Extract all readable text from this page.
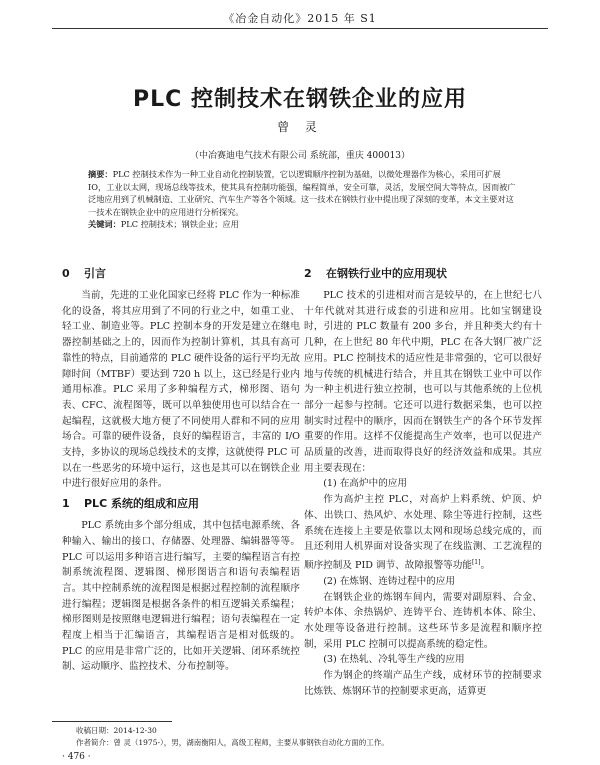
《冶金自动化》2015 年 S1
PLC 控制技术在钢铁企业的应用
曾 灵
（中冶赛迪电气技术有限公司 系统部，重庆 400013）
摘要：PLC 控制技术作为一种工业自动化控制装置，它以逻辑顺序控制为基础，以微处理器作为核心，采用可扩展 IO，工业以太网，现场总线等技术，使其具有控制功能强，编程简单，安全可靠，灵活，发展空间大等特点，因而被广泛地应用到了机械制造、工业研究、汽车生产等各个领域。这一技术在钢铁行业中提出现了深刻的变革，本文主要对这一技术在钢铁企业中的应用进行分析探究。
关键词：PLC 控制技术；钢铁企业；应用
0 引言

当前，先进的工业化国家已经将 PLC 作为一种标准化的设备，将其应用到了不同的行业之中，如重工业、轻工业、制造业等。PLC 控制本身的开发是建立在继电器控制基础之上的，因而作为控制计算机，其具有高可靠性的特点，目前通常的 PLC 硬件设备的运行平均无故障时间（MTBF）要达到 720 h 以上，这已经是行业内通用标准。PLC 采用了多种编程方式，梯形图、语句表、CFC、流程图等，既可以单独使用也可以结合在一起编程，这就极大地方便了不同使用人群和不同的应用场合。可靠的硬件设备，良好的编程语言，丰富的 I/O 支持，多协议的现场总线技术的支撑，这就使得 PLC 可以在一些恶劣的环境中运行，这也是其可以在钢铁企业中进行很好应用的条件。

1 PLC 系统的组成和应用

PLC 系统由多个部分组成，其中包括电源系统、各种输入、输出的接口、存储器、处理器、编辑器等等。PLC 可以运用多种语言进行编写，主要的编程语言有控制系统流程图、逻辑图、梯形图语言和语句表编程语言。其中控制系统的流程图是根据过程控制的流程顺序进行编程；逻辑图是根据各条件的相互逻辑关系编程；梯形图则是按照继电逻辑进行编程；语句表编程在一定程度上相当于汇编语言，其编程语言是相对低级的。PLC 的应用是非常广泛的，比如开关逻辑、闭环系统控制、运动顺序、监控技术、分布控制等。

2 在钢铁行业中的应用现状

PLC 技术的引进相对而言是较早的，在上世纪七八十年代就对其进行成套的引进和应用。比如宝钢建设时，引进的 PLC 数量有 200 多台，并且种类大约有十几种，在上世纪 80 年代中期，PLC 在各大钢厂被广泛应用。PLC 控制技术的适应性是非常强的，它可以很好地与传统的机械进行结合，并且其在钢铁工业中可以作为一种主机进行独立控制，也可以与其他系统的上位机部分一起参与控制。它还可以进行数据采集，也可以控制实时过程中的顺序，因而在钢铁生产的各个环节发挥重要的作用。这样不仅能提高生产效率，也可以促进产品质量的改善，进而取得良好的经济效益和成果。其应用主要表现在：

(1) 在高炉中的应用

作为高炉主控 PLC，对高炉上料系统、炉顶、炉体、出铁口、热风炉、水处理、除尘等进行控制，这些系统在连接上主要是依靠以太网和现场总线完成的，而且还利用人机界面对设备实现了在线监测、工艺流程的顺序控制及 PID 调节、故障报警等功能[1]。

(2) 在炼钢、连铸过程中的应用

在钢铁企业的炼钢车间内，需要对副原料、合金、转炉本体、余热锅炉、连铸平台、连铸机本体、除尘、水处理等设备进行控制。这些环节多是流程和顺序控制，采用 PLC 控制可以提高系统的稳定性。

(3) 在热轧、冷轧等生产线的应用

作为钢企的终端产品生产线，成材环节的控制要求比炼铁、炼钢环节的控制要求更高，适算更

收稿日期：2014-12-30
作者简介：曾 灵（1975-），男，湖南衡阳人，高级工程师，主要从事钢铁自动化方面的工作。
· 476 ·
